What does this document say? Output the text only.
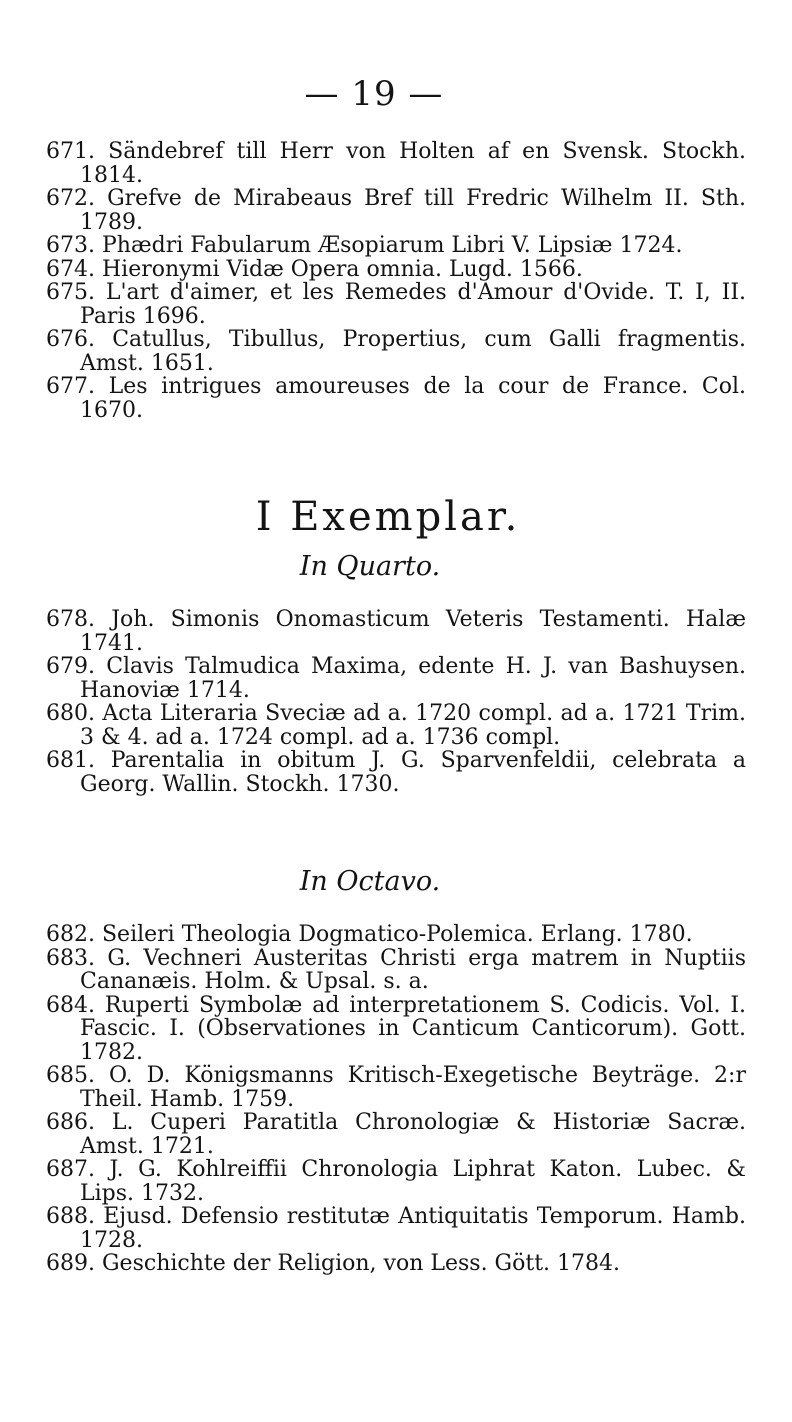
— 19 —

671. Sändebref till Herr von Holten af en Svensk. Stockh. 1814.

672. Grefve de Mirabeaus Bref till Fredric Wilhelm II. Sth. 1789.

673. Phædri Fabularum Æsopiarum Libri V. Lipsiæ 1724.

674. Hieronymi Vidæ Opera omnia. Lugd. 1566.

675. L'art d'aimer, et les Remedes d'Amour d'Ovide. T. I, II. Paris 1696.

676. Catullus, Tibullus, Propertius, cum Galli fragmentis. Amst. 1651.

677. Les intrigues amoureuses de la cour de France. Col. 1670.

I Exemplar.
In Quarto.

678. Joh. Simonis Onomasticum Veteris Testamenti. Halæ 1741.

679. Clavis Talmudica Maxima, edente H. J. van Bashuysen. Hanoviæ 1714.

680. Acta Literaria Sveciæ ad a. 1720 compl. ad a. 1721 Trim. 3 & 4. ad a. 1724 compl. ad a. 1736 compl.

681. Parentalia in obitum J. G. Sparvenfeldii, celebrata a Georg. Wallin. Stockh. 1730.

In Octavo.

682. Seileri Theologia Dogmatico-Polemica. Erlang. 1780.

683. G. Vechneri Austeritas Christi erga matrem in Nuptiis Cananæis. Holm. & Upsal. s. a.

684. Ruperti Symbolæ ad interpretationem S. Codicis. Vol. I. Fascic. I. (Observationes in Canticum Canticorum). Gott. 1782.

685. O. D. Königsmanns Kritisch-Exegetische Beyträge. 2:r Theil. Hamb. 1759.

686. L. Cuperi Paratitla Chronologiæ & Historiæ Sacræ. Amst. 1721.

687. J. G. Kohlreiffii Chronologia Liphrat Katon. Lubec. & Lips. 1732.

688. Ejusd. Defensio restitutæ Antiquitatis Temporum. Hamb. 1728.

689. Geschichte der Religion, von Less. Gött. 1784.
